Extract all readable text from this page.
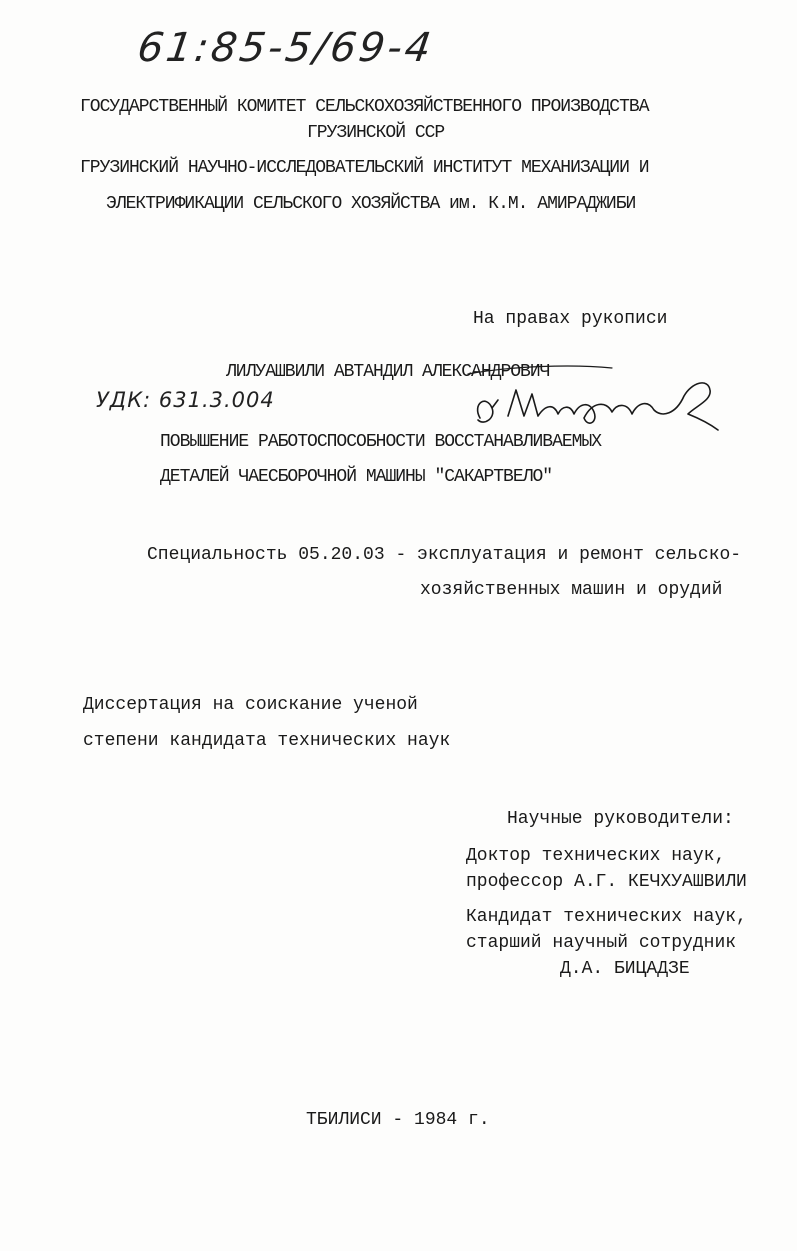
61:85-5/69-4
ГОСУДАРСТВЕННЫЙ КОМИТЕТ СЕЛЬСКОХОЗЯЙСТВЕННОГО ПРОИЗВОДСТВА
ГРУЗИНСКОЙ ССР
ГРУЗИНСКИЙ НАУЧНО-ИССЛЕДОВАТЕЛЬСКИЙ ИНСТИТУТ МЕХАНИЗАЦИИ И
ЭЛЕКТРИФИКАЦИИ СЕЛЬСКОГО ХОЗЯЙСТВА им. К.М. АМИРАДЖИБИ
На правах рукописи
ЛИЛУАШВИЛИ АВТАНДИЛ АЛЕКСАНДРОВИЧ
УДК: 631.3.004
ПОВЫШЕНИЕ РАБОТОСПОСОБНОСТИ ВОССТАНАВЛИВАЕМЫХ
ДЕТАЛЕЙ ЧАЕСБОРОЧНОЙ МАШИНЫ "САКАРТВЕЛО"
Специальность 05.20.03 - эксплуатация и ремонт сельско-
хозяйственных машин и орудий
Диссертация на соискание ученой
степени кандидата технических наук
Научные руководители:
Доктор технических наук,
профессор А.Г. КЕЧХУАШВИЛИ
Кандидат технических наук,
старший научный сотрудник
Д.А. БИЦАДЗЕ
ТБИЛИСИ - 1984 г.
